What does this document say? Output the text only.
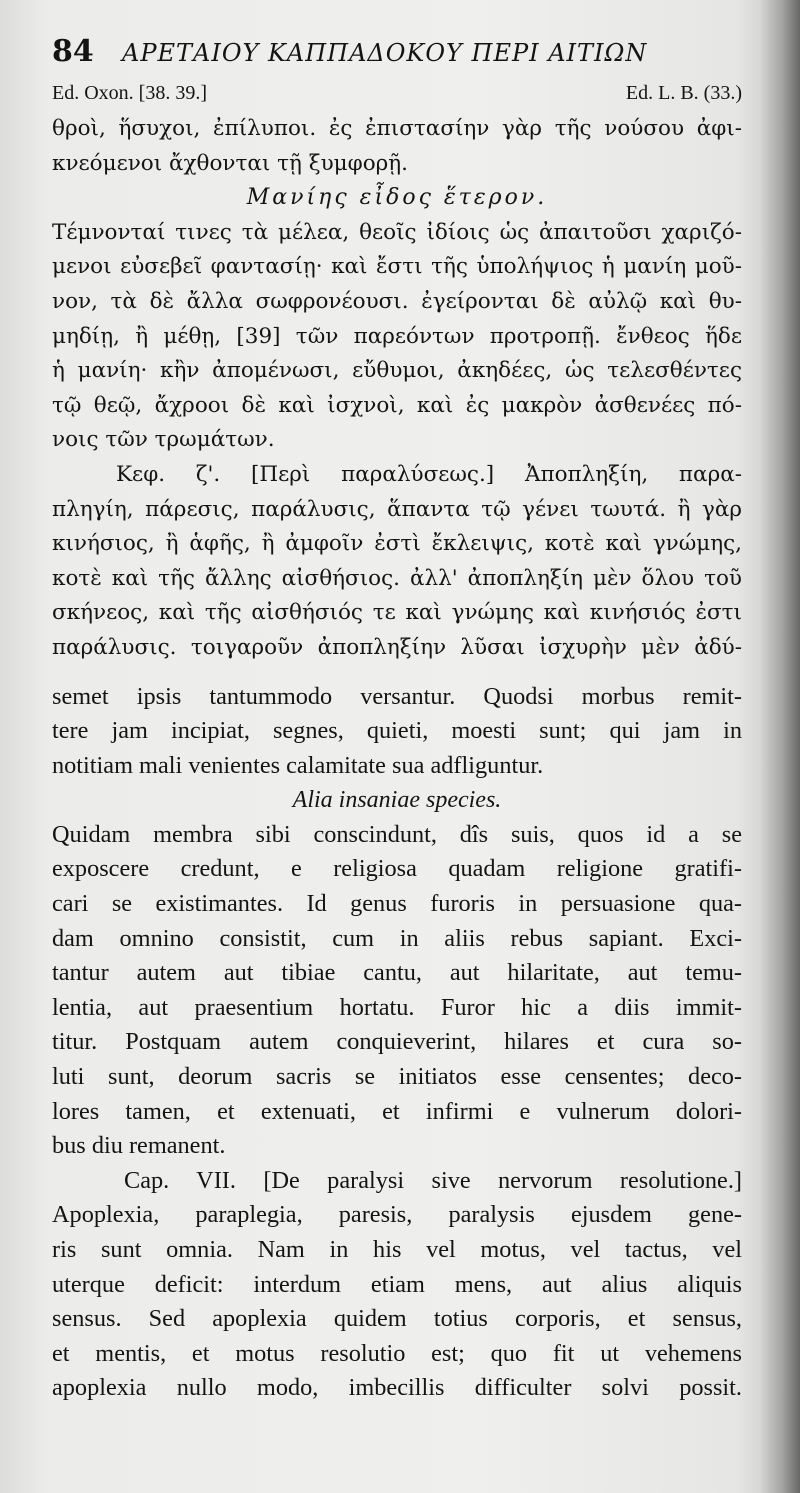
84	ΑΡΕΤΑΙΟΥ ΚΑΠΠΑΔΟΚΟΥ ΠΕΡΙ ΑΙΤΙΩΝ
Ed. Oxon. [38. 39.]	Ed. L. B. (33.)
θροὶ, ἥσυχοι, ἐπίλυποι. ἐς ἐπιστασίην γὰρ τῆς νούσου ἀφι-
κνεόμενοι ἄχθονται τῇ ξυμφορῇ.
Μανίης εἶδος ἕτερον.
Τέμνονταί τινες τὰ μέλεα, θεοῖς ἰδίοις ὡς ἀπαιτοῦσι χαριζό-
μενοι εὐσεβεῖ φαντασίῃ· καὶ ἔστι τῆς ὑπολήψιος ἡ μανίη μοῦ-
νον, τὰ δὲ ἄλλα σωφρονέουσι. ἐγείρονται δὲ αὐλῷ καὶ θυ-
μηδίῃ, ἢ μέθῃ, [39] τῶν παρεόντων προτροπῇ. ἔνθεος ἥδε
ἡ μανίη· κἢν ἀπομένωσι, εὔθυμοι, ἀκηδέες, ὡς τελεσθέντες
τῷ θεῷ, ἄχροοι δὲ καὶ ἰσχνοὶ, καὶ ἐς μακρὸν ἀσθενέες πό-
νοις τῶν τρωμάτων.
Κεφ. ζ'. [Περὶ παραλύσεως.] Ἀποπληξίη, παρα-
πληγίη, πάρεσις, παράλυσις, ἅπαντα τῷ γένει τωυτά. ἢ γὰρ
κινήσιος, ἢ ἁφῆς, ἢ ἀμφοῖν ἐστὶ ἔκλειψις, κοτὲ καὶ γνώμης,
κοτὲ καὶ τῆς ἄλλης αἰσθήσιος. ἀλλ' ἀποπληξίη μὲν ὅλου τοῦ
σκήνεος, καὶ τῆς αἰσθήσιός τε καὶ γνώμης καὶ κινήσιός ἐστι
παράλυσις. τοιγαροῦν ἀποπληξίην λῦσαι ἰσχυρὴν μὲν ἀδύ-
semet ipsis tantummodo versantur. Quodsi morbus remit-
tere jam incipiat, segnes, quieti, moesti sunt; qui jam in
notitiam mali venientes calamitate sua adfliguntur.
Alia insaniae species.
Quidam membra sibi conscindunt, dîs suis, quos id a se
exposcere credunt, e religiosa quadam religione gratifi-
cari se existimantes. Id genus furoris in persuasione qua-
dam omnino consistit, cum in aliis rebus sapiant. Exci-
tantur autem aut tibiae cantu, aut hilaritate, aut temu-
lentia, aut praesentium hortatu. Furor hic a diis immit-
titur. Postquam autem conquieverint, hilares et cura so-
luti sunt, deorum sacris se initiatos esse censentes; deco-
lores tamen, et extenuati, et infirmi e vulnerum dolori-
bus diu remanent.
Cap. VII. [De paralysi sive nervorum resolutione.]
Apoplexia, paraplegia, paresis, paralysis ejusdem gene-
ris sunt omnia. Nam in his vel motus, vel tactus, vel
uterque deficit: interdum etiam mens, aut alius aliquis
sensus. Sed apoplexia quidem totius corporis, et sensus,
et mentis, et motus resolutio est; quo fit ut vehemens
apoplexia nullo modo, imbecillis difficulter solvi possit.
